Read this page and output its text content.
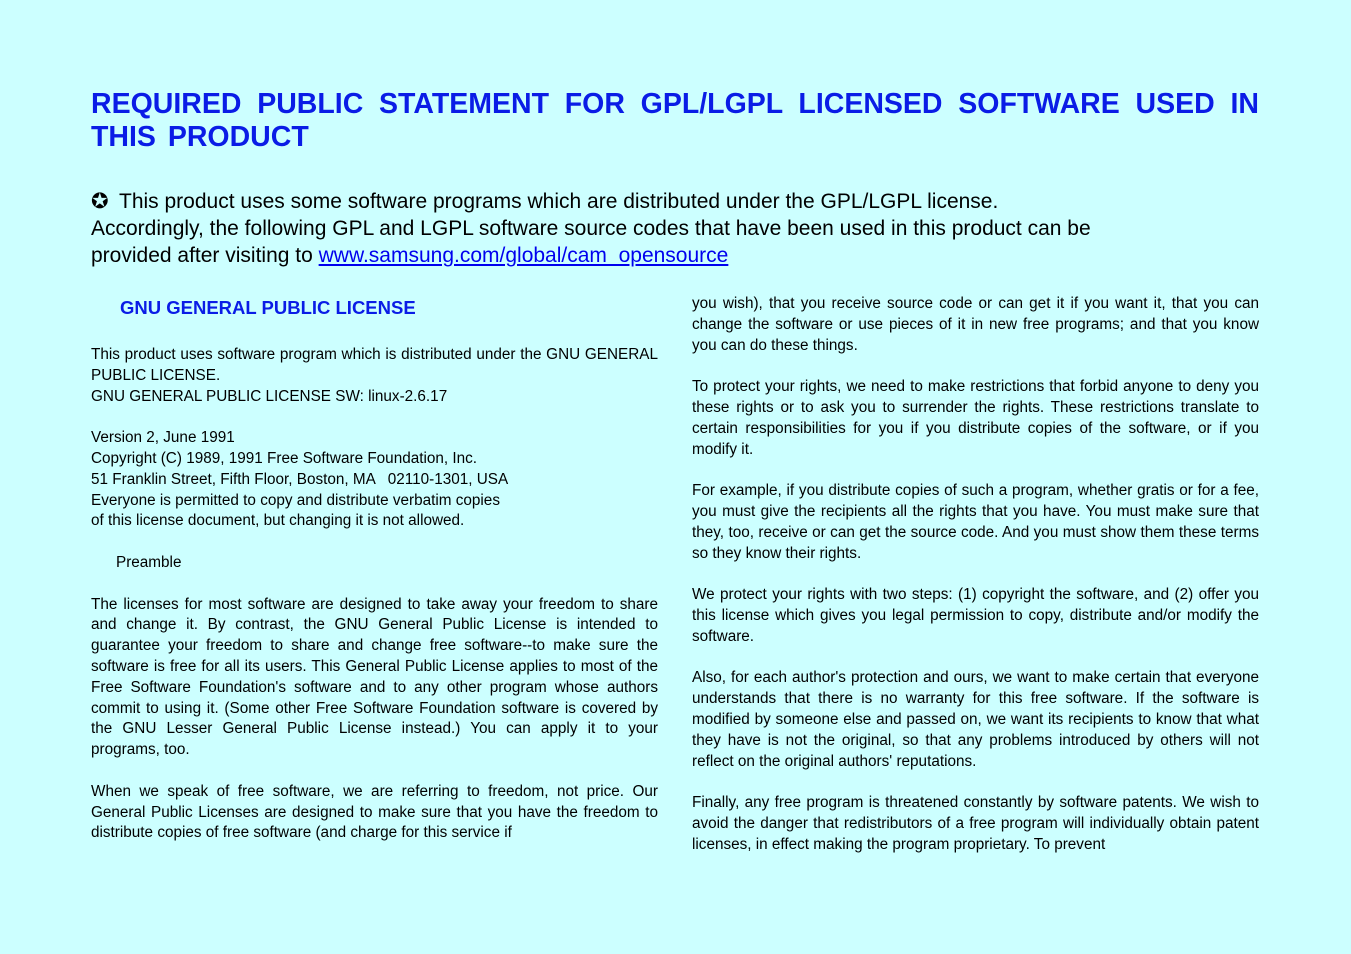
REQUIRED PUBLIC STATEMENT FOR GPL/LGPL LICENSED SOFTWARE USED IN THIS PRODUCT
✪ This product uses some software programs which are distributed under the GPL/LGPL license.
Accordingly, the following GPL and LGPL software source codes that have been used in this product can be
provided after visiting to www.samsung.com/global/cam_opensource
GNU GENERAL PUBLIC LICENSE

This product uses software program which is distributed under the GNU GENERAL PUBLIC LICENSE.
GNU GENERAL PUBLIC LICENSE SW: linux-2.6.17

Version 2, June 1991
Copyright (C) 1989, 1991 Free Software Foundation, Inc.
51 Franklin Street, Fifth Floor, Boston, MA   02110-1301, USA
Everyone is permitted to copy and distribute verbatim copies
of this license document, but changing it is not allowed.

Preamble

The licenses for most software are designed to take away your freedom to share and change it. By contrast, the GNU General Public License is intended to guarantee your freedom to share and change free software--to make sure the software is free for all its users. This General Public License applies to most of the Free Software Foundation's software and to any other program whose authors commit to using it. (Some other Free Software Foundation software is covered by the GNU Lesser General Public License instead.) You can apply it to your programs, too.

When we speak of free software, we are referring to freedom, not price. Our General Public Licenses are designed to make sure that you have the freedom to distribute copies of free software (and charge for this service if

you wish), that you receive source code or can get it if you want it, that you can change the software or use pieces of it in new free programs; and that you know you can do these things.

To protect your rights, we need to make restrictions that forbid anyone to deny you these rights or to ask you to surrender the rights. These restrictions translate to certain responsibilities for you if you distribute copies of the software, or if you modify it.

For example, if you distribute copies of such a program, whether gratis or for a fee, you must give the recipients all the rights that you have. You must make sure that they, too, receive or can get the source code. And you must show them these terms so they know their rights.

We protect your rights with two steps: (1) copyright the software, and (2) offer you this license which gives you legal permission to copy, distribute and/or modify the software.

Also, for each author's protection and ours, we want to make certain that everyone understands that there is no warranty for this free software. If the software is modified by someone else and passed on, we want its recipients to know that what they have is not the original, so that any problems introduced by others will not reflect on the original authors' reputations.

Finally, any free program is threatened constantly by software patents. We wish to avoid the danger that redistributors of a free program will individually obtain patent licenses, in effect making the program proprietary. To prevent
